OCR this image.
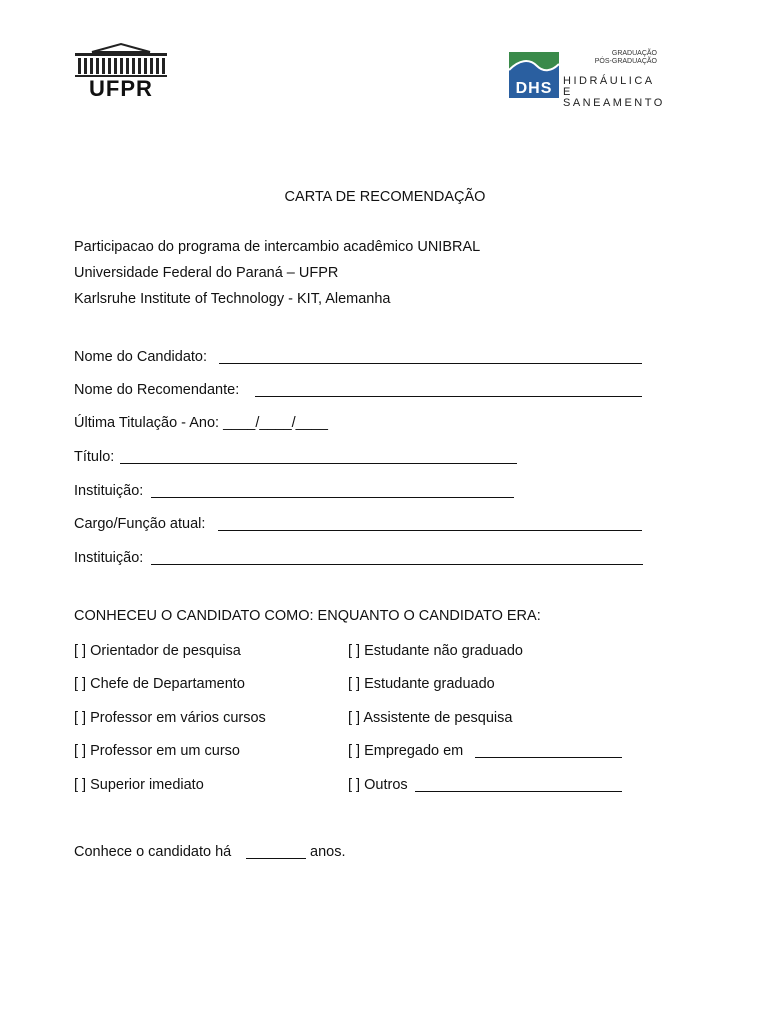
UFPR
GRADUAÇÃO
PÓS-GRADUAÇÃO
DHS HIDRÁULICA E
SANEAMENTO
CARTA DE RECOMENDAÇÃO
Participacao do programa de intercambio acadêmico UNIBRAL
Universidade Federal do Paraná – UFPR
Karlsruhe Institute of Technology - KIT, Alemanha
Nome do Candidato:
Nome do Recomendante:
Última Titulação - Ano: ____/____/____
Título:
Instituição:
Cargo/Função atual:
Instituição:
CONHECEU O CANDIDATO COMO: ENQUANTO O CANDIDATO ERA:
[ ] Orientador de pesquisa
[ ] Chefe de Departamento
[ ] Professor em vários cursos
[ ] Professor em um curso
[ ] Superior imediato
[ ] Estudante não graduado
[ ] Estudante graduado
[ ] Assistente de pesquisa
[ ] Empregado em
[ ] Outros
Conhece o candidato há	anos.
